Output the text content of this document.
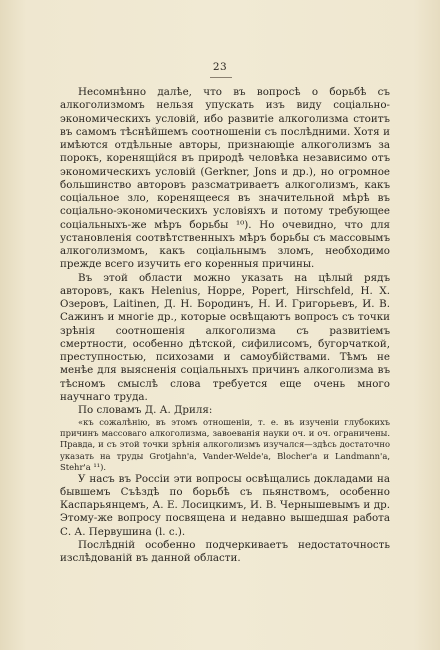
23

Несомнѣнно далѣе, что въ вопросѣ о борьбѣ съ алкоголизмомъ нельзя упускать изъ виду соціально-экономическихъ условій, ибо развитіе алкоголизма стоитъ въ самомъ тѣснѣйшемъ соотношеніи съ послѣдними. Хотя и имѣются отдѣльные авторы, признающіе алкоголизмъ за порокъ, коренящійся въ природѣ человѣка независимо отъ экономическихъ условій (Gerkner, Jons и др.), но огромное большинство авторовъ разсматриваетъ алкоголизмъ, какъ соціальное зло, коренящееся въ значительной мѣрѣ въ соціально-экономическихъ условіяхъ и потому требующее соціальныхъ-же мѣръ борьбы ¹⁰). Но очевидно, что для установленія соотвѣтственныхъ мѣръ борьбы съ массовымъ алкоголизмомъ, какъ соціальнымъ зломъ, необходимо прежде всего изучить его коренныя причины.

Въ этой области можно указать на цѣлый рядъ авторовъ, какъ Helenius, Hoppe, Popert, Hirschfeld, Н. Х. Озеровъ, Laitinen, Д. Н. Бородинъ, Н. И. Григорьевъ, И. В. Сажинъ и многіе др., которые освѣщаютъ вопросъ съ точки зрѣнія соотношенія алкоголизма съ развитіемъ смертности, особенно дѣтской, сифилисомъ, бугорчаткой, преступностью, психозами и самоубійствами. Тѣмъ не менѣе для выясненія соціальныхъ причинъ алкоголизма въ тѣсномъ смыслѣ слова требуется еще очень много научнаго труда.

По словамъ Д. А. Дриля:

«къ сожалѣнію, въ этомъ отношеніи, т. е. въ изученіи глубокихъ причинъ массоваго алкоголизма, завоеванія науки оч. и оч. ограничены. Правда, и съ этой точки зрѣнія алкоголизмъ изучался—здѣсь достаточно указать на труды Grotjahn'а, Vander-Welde'а, Blocher'а и Landmann'а, Stehr'а ¹¹).

У насъ въ Россіи эти вопросы освѣщались докладами на бывшемъ Съѣздѣ по борьбѣ съ пьянствомъ, особенно Каспарьянцемъ, А. Е. Лосицкимъ, И. В. Чернышевымъ и др. Этому-же вопросу посвящена и недавно вышедшая работа С. А. Первушина (l. c.).

Послѣдній особенно подчеркиваетъ недостаточность изслѣдованій въ данной области.
